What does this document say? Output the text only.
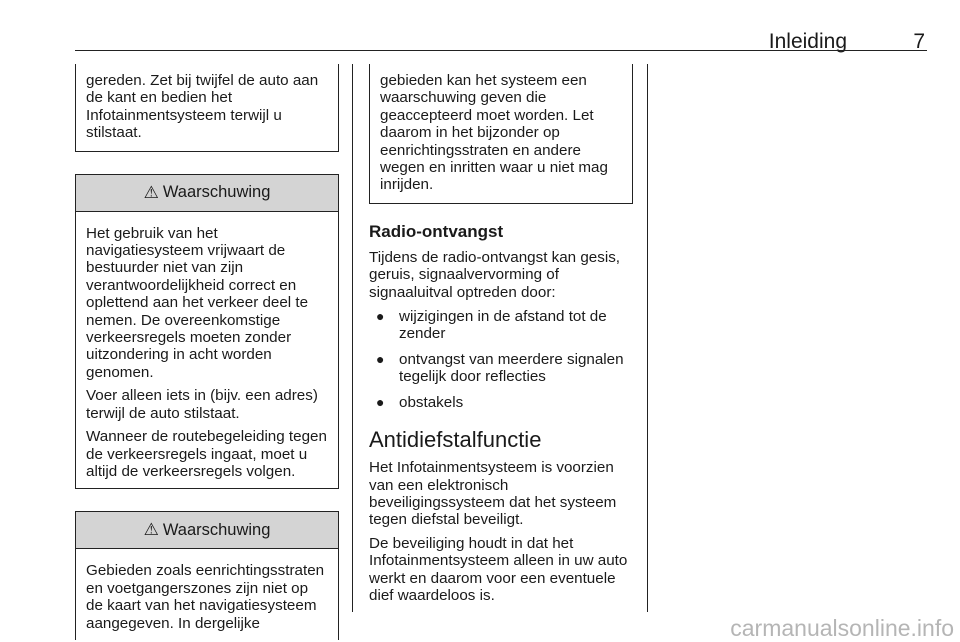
Inleiding	7

gereden. Zet bij twijfel de auto aan de kant en bedien het Infotainmentsysteem terwijl u stilstaat.

⚠ Waarschuwing

Het gebruik van het navigatiesysteem vrijwaart de bestuurder niet van zijn verantwoordelijkheid correct en oplettend aan het verkeer deel te nemen. De overeenkomstige verkeersregels moeten zonder uitzondering in acht worden genomen.

Voer alleen iets in (bijv. een adres) terwijl de auto stilstaat.

Wanneer de routebegeleiding tegen de verkeersregels ingaat, moet u altijd de verkeersregels volgen.

⚠ Waarschuwing

Gebieden zoals eenrichtingsstraten en voetgangerszones zijn niet op de kaart van het navigatiesysteem aangegeven. In dergelijke

gebieden kan het systeem een waarschuwing geven die geaccepteerd moet worden. Let daarom in het bijzonder op eenrichtingsstraten en andere wegen en inritten waar u niet mag inrijden.

Radio-ontvangst

Tijdens de radio-ontvangst kan gesis, geruis, signaalvervorming of signaaluitval optreden door:

● wijzigingen in de afstand tot de zender
● ontvangst van meerdere signalen tegelijk door reflecties
● obstakels
Antidiefstalfunctie

Het Infotainmentsysteem is voorzien van een elektronisch beveiligingssysteem dat het systeem tegen diefstal beveiligt.

De beveiliging houdt in dat het Infotainmentsysteem alleen in uw auto werkt en daarom voor een eventuele dief waardeloos is.

carmanualsonline.info
